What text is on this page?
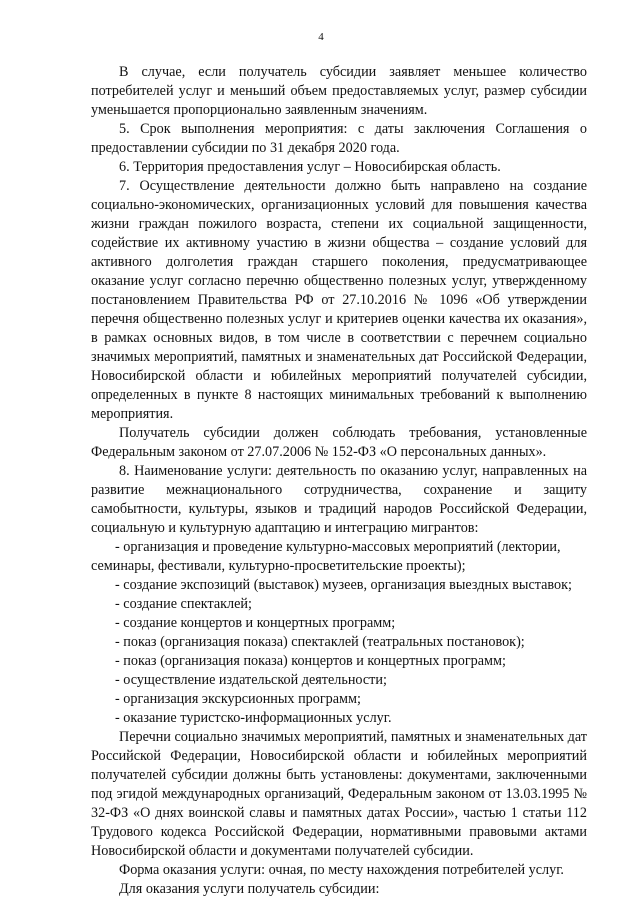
4

В случае, если получатель субсидии заявляет меньшее количество потребителей услуг и меньший объем предоставляемых услуг, размер субсидии уменьшается пропорционально заявленным значениям.

5. Срок выполнения мероприятия: с даты заключения Соглашения о предоставлении субсидии по 31 декабря 2020 года.

6. Территория предоставления услуг – Новосибирская область.

7. Осуществление деятельности должно быть направлено на создание социально-экономических, организационных условий для повышения качества жизни граждан пожилого возраста, степени их социальной защищенности, содействие их активному участию в жизни общества – создание условий для активного долголетия граждан старшего поколения, предусматривающее оказание услуг согласно перечню общественно полезных услуг, утвержденному постановлением Правительства РФ от 27.10.2016 № 1096 «Об утверждении перечня общественно полезных услуг и критериев оценки качества их оказания», в рамках основных видов, в том числе в соответствии с перечнем социально значимых мероприятий, памятных и знаменательных дат Российской Федерации, Новосибирской области и юбилейных мероприятий получателей субсидии, определенных в пункте 8 настоящих минимальных требований к выполнению мероприятия.

Получатель субсидии должен соблюдать требования, установленные Федеральным законом от 27.07.2006 № 152-ФЗ «О персональных данных».

8. Наименование услуги: деятельность по оказанию услуг, направленных на развитие межнационального сотрудничества, сохранение и защиту самобытности, культуры, языков и традиций народов Российской Федерации, социальную и культурную адаптацию и интеграцию мигрантов:

- организация и проведение культурно-массовых мероприятий (лектории,

семинары, фестивали, культурно-просветительские проекты);

- создание экспозиций (выставок) музеев, организация выездных выставок;

- создание спектаклей;

- создание концертов и концертных программ;

- показ (организация показа) спектаклей (театральных постановок);

- показ (организация показа) концертов и концертных программ;

- осуществление издательской деятельности;

- организация экскурсионных программ;

- оказание туристско-информационных услуг.

Перечни социально значимых мероприятий, памятных и знаменательных дат Российской Федерации, Новосибирской области и юбилейных мероприятий получателей субсидии должны быть установлены: документами, заключенными под эгидой международных организаций, Федеральным законом от 13.03.1995 № 32-ФЗ «О днях воинской славы и памятных датах России», частью 1 статьи 112 Трудового кодекса Российской Федерации, нормативными правовыми актами Новосибирской области и документами получателей субсидии.

Форма оказания услуги: очная, по месту нахождения потребителей услуг.

Для оказания услуги получатель субсидии:
